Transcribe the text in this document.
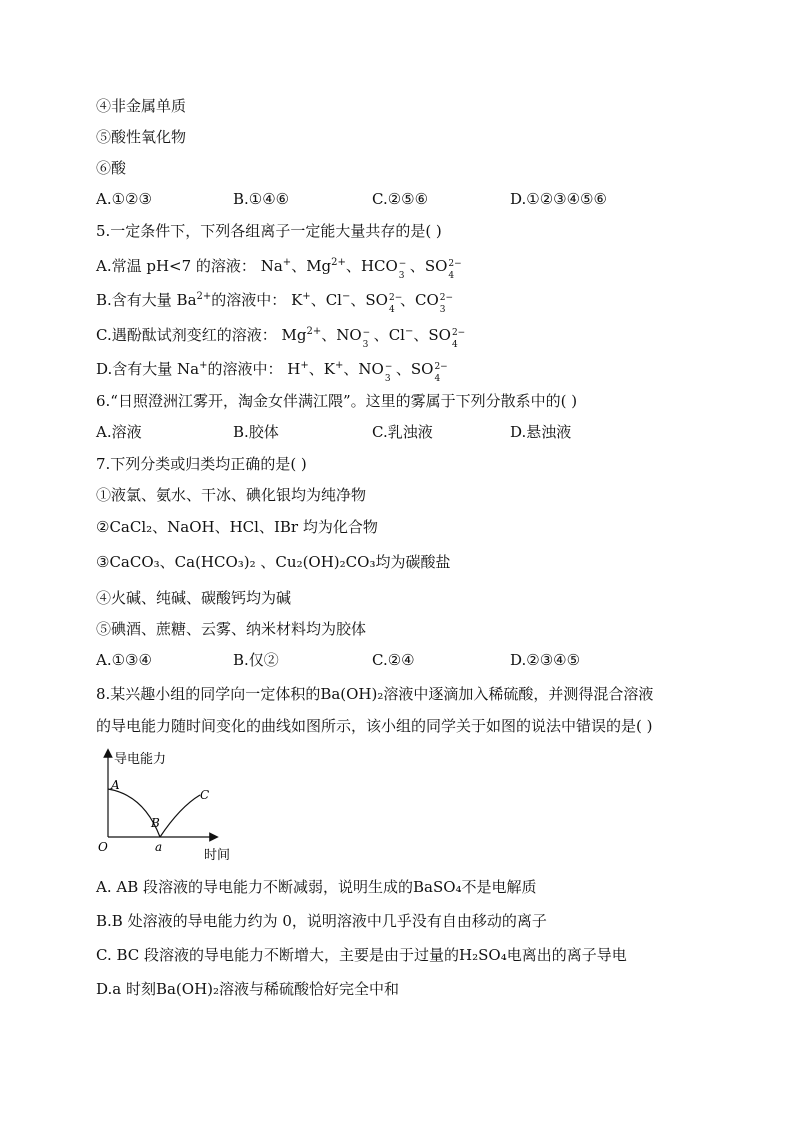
④非金属单质
⑤酸性氧化物
⑥酸
A.①②③	B.①④⑥	C.②⑤⑥	D.①②③④⑤⑥
5.一定条件下，下列各组离子一定能大量共存的是( )
A.常温 pH<7 的溶液： Na+、$Mg^{2+}$、HCO −
3
、SO 2−
4
B.含有大量 $Ba^{2+}$的溶液中： K+、Cl−、SO 2−
4
、CO 2−
3
C.遇酚酞试剂变红的溶液： $Mg^{2+}$、NO −
3
、Cl−、SO 2−
4
D.含有大量 Na+的溶液中： H+、K+、NO −
3
、SO 2−
4
6.“日照澄洲江雾开，淘金女伴满江隈”。这里的雾属于下列分散系中的( )
A.溶液	B.胶体	C.乳浊液	D.悬浊液
7.下列分类或归类均正确的是( )
①液氯、氨水、干冰、碘化银均为纯净物
②CaCl₂、NaOH、HCl、IBr 均为化合物
③CaCO₃、Ca(HCO₃)₂ 、Cu₂(OH)₂CO₃均为碳酸盐
④火碱、纯碱、碳酸钙均为碱
⑤碘酒、蔗糖、云雾、纳米材料均为胶体
A.①③④	B.仅②	C.②④	D.②③④⑤
8.某兴趣小组的同学向一定体积的Ba(OH)₂溶液中逐滴加入稀硫酸，并测得混合溶液
的导电能力随时间变化的曲线如图所示，该小组的同学关于如图的说法中错误的是( )
导电能力
时间
O
A
B
C
a
A. AB 段溶液的导电能力不断减弱，说明生成的BaSO₄不是电解质
B.B 处溶液的导电能力约为 0，说明溶液中几乎没有自由移动的离子
C. BC 段溶液的导电能力不断增大，主要是由于过量的H₂SO₄电离出的离子导电
D.a 时刻Ba(OH)₂溶液与稀硫酸恰好完全中和
